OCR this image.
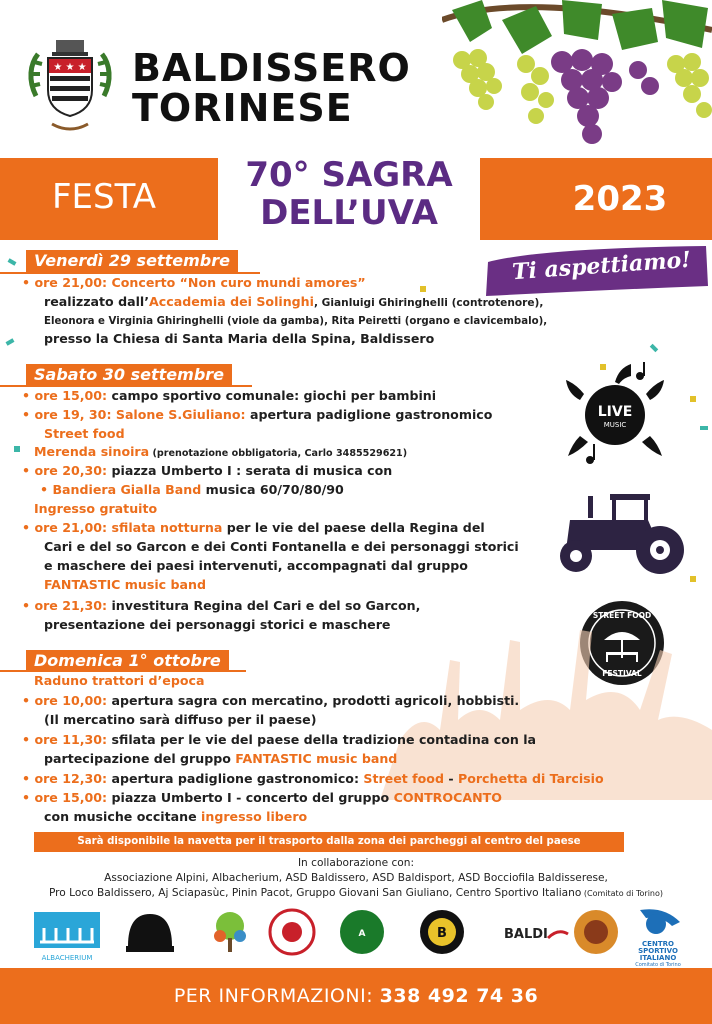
★ ★ ★ BALDISSERO
TORINESE
FESTA
70° SAGRA
DELL’UVA	2023
Ti aspettiamo!
Venerdì 29 settembre
• ore 21,00: Concerto “Non curo mundi amores”
realizzato dall’Accademia dei Solinghi, Gianluigi Ghiringhelli (controtenore),
Eleonora e Virginia Ghiringhelli (viole da gamba), Rita Peiretti (organo e clavicembalo),
presso la Chiesa di Santa Maria della Spina, Baldissero
Sabato 30 settembre
• ore 15,00: campo sportivo comunale: giochi per bambini
• ore 19, 30: Salone S.Giuliano: apertura padiglione gastronomico
Street food
Merenda sinoira (prenotazione obbligatoria, Carlo 3485529621)
• ore 20,30: piazza Umberto I : serata di musica con
• Bandiera Gialla Band musica 60/70/80/90
Ingresso gratuito
• ore 21,00: sfilata notturna per le vie del paese della Regina del
Cari e del so Garcon e dei Conti Fontanella e dei personaggi storici
e maschere dei paesi intervenuti, accompagnati dal gruppo
FANTASTIC music band
• ore 21,30: investitura Regina del Cari e del so Garcon,
presentazione dei personaggi storici e maschere
LIVE
MUSIC
STREET FOOD
FESTIVAL
Domenica 1° ottobre
Raduno trattori d’epoca
• ore 10,00: apertura sagra con mercatino, prodotti agricoli, hobbisti.
(Il mercatino sarà diffuso per il paese)
• ore 11,30: sfilata per le vie del paese della tradizione contadina con la
partecipazione del gruppo FANTASTIC music band
• ore 12,30: apertura padiglione gastronomico: Street food - Porchetta di Tarcisio
• ore 15,00: piazza Umberto I - concerto del gruppo CONTROCANTO
con musiche occitane ingresso libero
Sarà disponibile la navetta per il trasporto dalla zona dei parcheggi al centro del paese
In collaborazione con:
Associazione Alpini, Albacherium, ASD Baldissero, ASD Baldisport, ASD Bocciofila Baldisserese,
Pro Loco Baldissero, Aj Sciapasùc, Pinin Pacot, Gruppo Giovani San Giuliano, Centro Sportivo Italiano (Comitato di Torino)
ALBACHERIUM
A	B	BALDI
CENTRO
SPORTIVO
ITALIANO
Comitato di Torino
PER INFORMAZIONI: 338 492 74 36
